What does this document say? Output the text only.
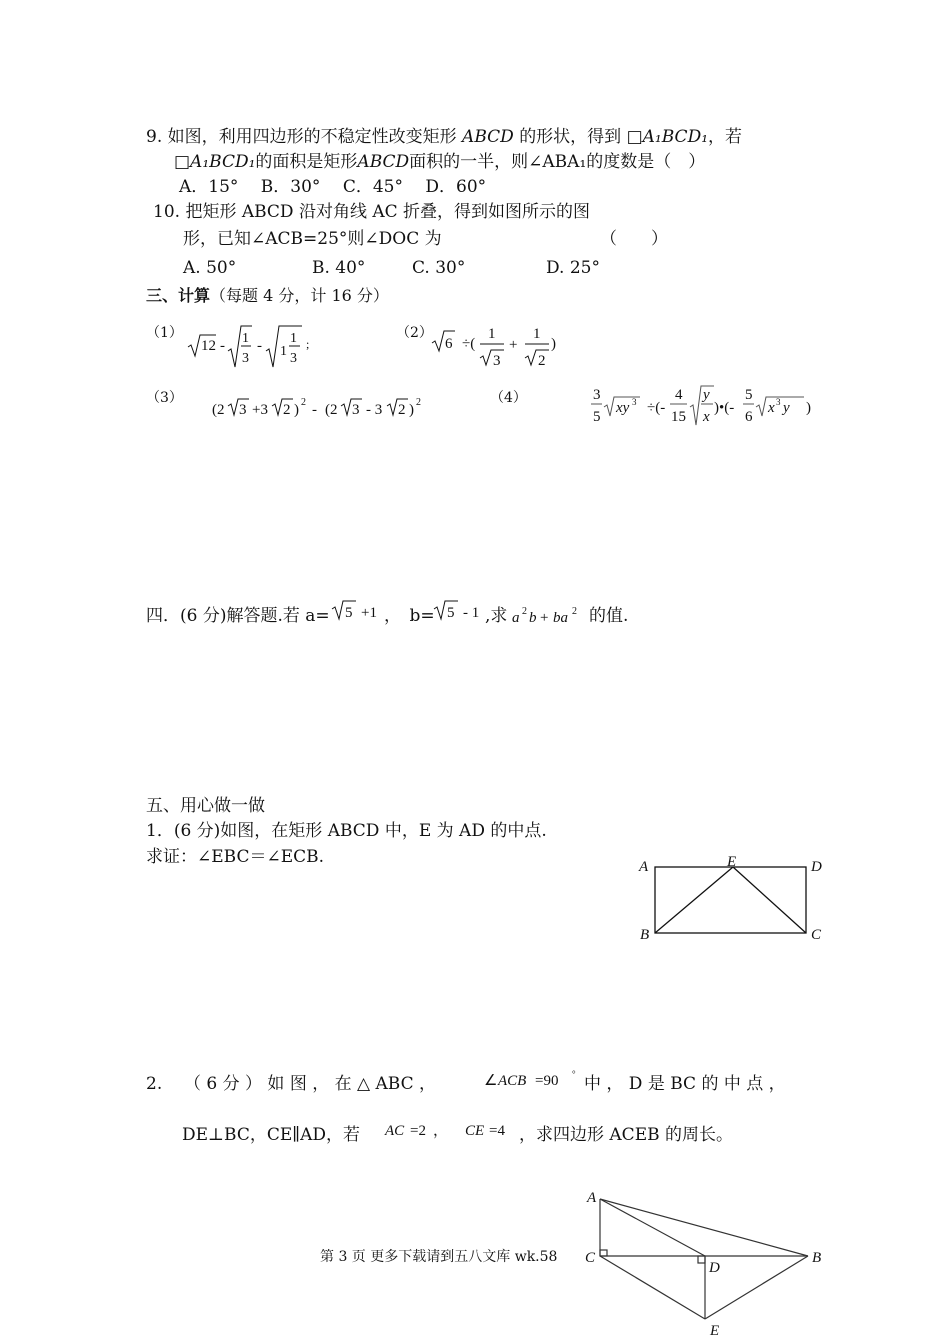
9. 如图，利用四边形的不稳定性改变矩形 ABCD 的形状，得到 □A₁BCD₁，若
□A₁BCD₁的面积是矩形ABCD面积的一半，则∠ABA₁的度数是（　）
A．15°　 B．30°　 C．45°　 D．60°
10. 把矩形 ABCD 沿对角线 AC 折叠，得到如图所示的图
形，已知∠ACB=25°则∠DOC 为	（　　）
A. 50°	B. 40°	C. 30°	D. 25°
三、计算（每题 4 分，计 16 分）
（1）	（2）
（3）	（4）
12 - 1
3
- 1
1
3
;	6 ÷(
1
3
+
1
2
)
(2 3 +3 2 ) 2 - (2 3 - 3 2 ) 2	3
5
xy 3 ÷(-
4
15
y
x
)•(-
5
6
x 3 y )
四．(6 分)解答题.若 a= 5 +1 ，　b= 5 - 1 ,求 a 2 b + ba 2 的值.
五、用心做一做
1．(6 分)如图，在矩形 ABCD 中，E 为 AD 的中点.
求证：∠EBC＝∠ECB.	A	E	D
B	C
2. （ 6 分 ） 如 图 ， 在 △ ABC ，	∠ ACB =90 ° 中 ， D 是 BC 的 中 点 ，
DE⊥BC，CE∥AD，若 AC =2 ， CE =4 ，求四边形 ACEB 的周长。
A
C
D
B
E
第 3 页 更多下载请到五八文库 wk.58
